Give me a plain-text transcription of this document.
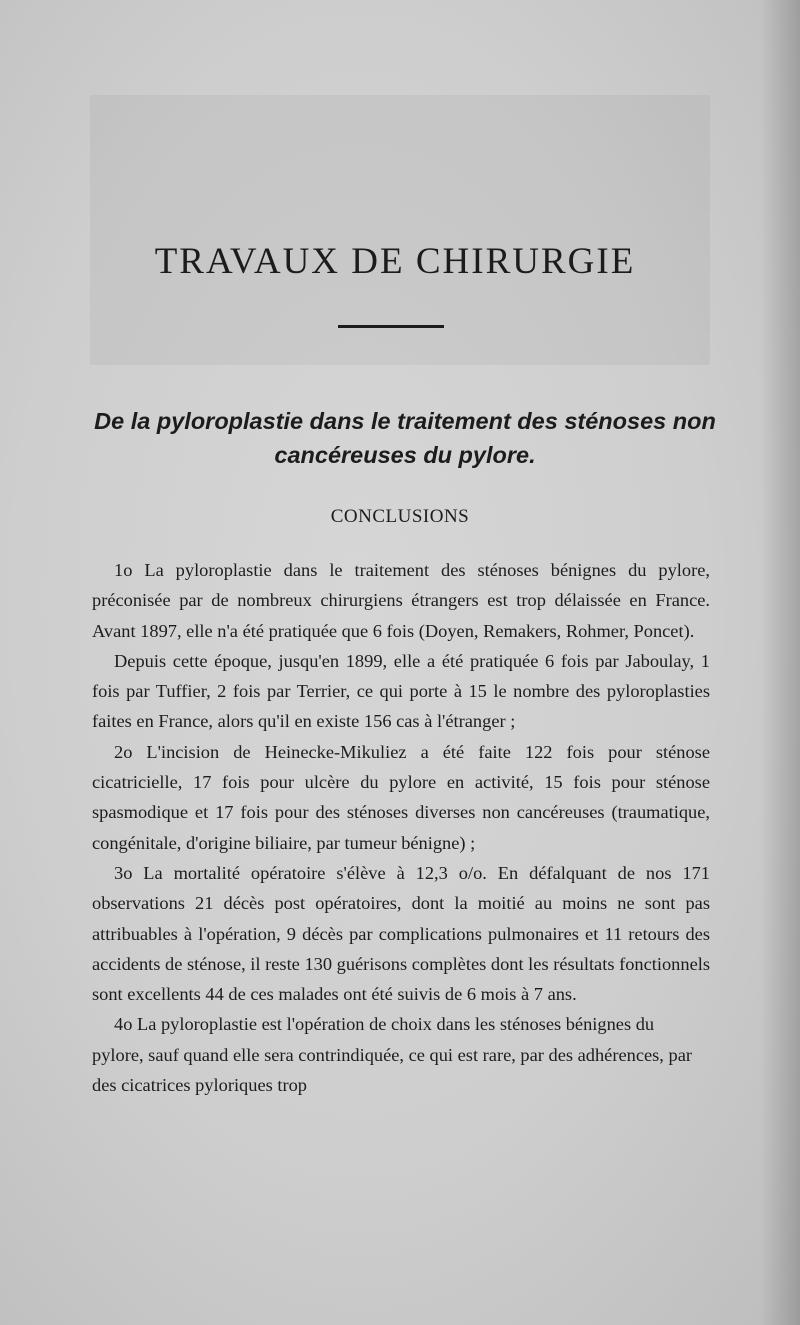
TRAVAUX DE CHIRURGIE
De la pyloroplastie dans le traitement des sténoses non cancéreuses du pylore.
CONCLUSIONS

1o La pyloroplastie dans le traitement des sténoses bénignes du pylore, préconisée par de nombreux chirurgiens étrangers est trop délaissée en France. Avant 1897, elle n'a été pratiquée que 6 fois (Doyen, Remakers, Rohmer, Poncet).

Depuis cette époque, jusqu'en 1899, elle a été pratiquée 6 fois par Jaboulay, 1 fois par Tuffier, 2 fois par Terrier, ce qui porte à 15 le nombre des pyloroplasties faites en France, alors qu'il en existe 156 cas à l'étranger ;

2o L'incision de Heinecke-Mikuliez a été faite 122 fois pour sténose cicatricielle, 17 fois pour ulcère du pylore en activité, 15 fois pour sténose spasmodique et 17 fois pour des sténoses diverses non cancéreuses (traumatique, congénitale, d'origine biliaire, par tumeur bénigne) ;

3o La mortalité opératoire s'élève à 12,3 o/o. En défalquant de nos 171 observations 21 décès post opératoires, dont la moitié au moins ne sont pas attribuables à l'opération, 9 décès par complications pulmonaires et 11 retours des accidents de sténose, il reste 130 guérisons complètes dont les résultats fonctionnels sont excellents 44 de ces malades ont été suivis de 6 mois à 7 ans.

4o La pyloroplastie est l'opération de choix dans les sténoses bénignes du pylore, sauf quand elle sera contrindiquée, ce qui est rare, par des adhérences, par des cicatrices pyloriques trop
